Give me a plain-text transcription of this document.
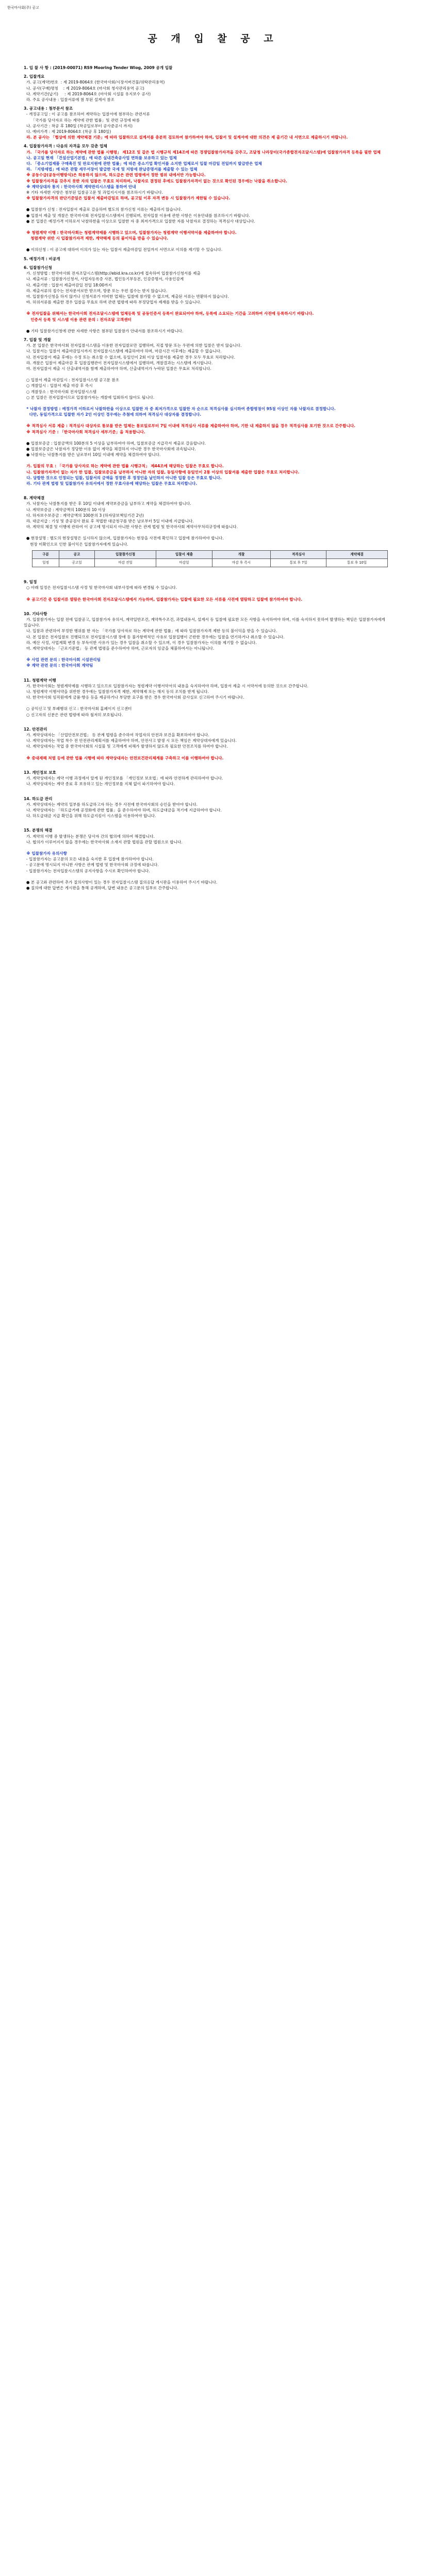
한국마사회(주) 공고
공 개 입 찰 공 고
1. 입 찰 사 항 : (2019-00071) RS9 Mooring Tender Wiog, 2009 공개 입찰
2. 입찰개요
가. 공고(계약)번호  : 제 2019-8064호 (한국마사회/시장서버건물/위탁관리용역)
나. 공사(구매)명칭    : 제 2019-8064호 (마사회 청사관리용역 공고)
다. 계약기간(납기)     : 제 2019-8064호 (마사회 시설물 유지보수 공사)
라. 주요 공사내용 : 입찰서류에 첨 부된 설계서 참조
3. 공고내용 : 첨부문서 참조
- 개정공고일 : 이 공고를 참조하여 계약하는 입찰서에 첨부하는 관련서류
「국가를 당사자로 하는 계약에 관한 법률」및 관련 규정에 따름
나. 공사기간 : 착공 후 180일 (착공일로부터 공사준공시 까지)
다. 예비가격 : 제 2019-8064호 (착공 후 180일)
라. 본 공사는 「협상에 의한 계약체결 기준」에 따라 입찰하므로 설계서를 충분히 검토하여 참가하여야 하며, 입찰서 및 설계서에 대한 의견은 제 출기간 내 서면으로 제출하시기 바랍니다.
4. 입찰참가자격 : 다음의 자격을 모두 갖춘 업체
가. 「국가를 당사자로 하는 계약에 관한 법률 시행령」 제12조 및 같은 법 시행규칙 제14조에 따른 경쟁입찰참가자격을 갖추고, 조달청 나라장터(국가종합전자조달시스템)에 입찰참가자격 등록을 필한 업체
나. 공고일 현재 「건설산업기본법」에 따른 실내건축공사업 면허를 보유하고 있는 업체
다. 「중소기업제품 구매촉진 및 판로지원에 관한 법률」에 따른 중소기업 확인서를 소지한 업체로서 입찰 마감일 전일까지 발급받은 업체
라. 「지방세법」에 따른 관할 세무서장이 발급한 국세 및 지방세 완납증명서를 제출할 수 있는 업체
※ 공동수급(공동이행방식)은 허용하지 않으며, 하도급은 관련 법령에서 정한 범위 내에서만 가능합니다.
※ 입찰참가자격을 갖추지 못한 자의 입찰은 무효로 처리하며, 낙찰자로 결정된 후에도 입찰참가자격이 없는 것으로 확인된 경우에는 낙찰을 취소합니다.
※ 계약상대자 통지 : 한국마사회 계약관리시스템을 통하여 안내
※ 기타 자세한 사항은 첨부된 입찰공고문 및 과업지시서를 참조하시기 바랍니다.
※ 입찰참가자격의 판단기준일은 입찰서 제출마감일로 하며, 공고일 이후 자격 변동 시 입찰참가가 제한될 수 있습니다.
● 입찰참가 신청 : 전자입찰서 제출로 갈음하며 별도의 참가신청 서류는 제출하지 않습니다.
● 입찰서 제출 및 개찰은 한국마사회 전자입찰시스템에서 진행되며, 전자입찰 이용에 관한 사항은 이용안내를 참조하시기 바랍니다.
● 본 입찰은 예정가격 이하로서 낙찰하한율 이상으로 입찰한 자 중 최저가격으로 입찰한 자를 낙찰자로 결정하는 적격심사 대상입니다.
※ 청렴계약 이행 : 한국마사회는 청렴계약제를 시행하고 있으며, 입찰참가자는 청렴계약 이행서약서를 제출하여야 합니다.
청렴계약 위반 시 입찰참가자격 제한, 계약해제 등의 불이익을 받을 수 있습니다.
● 이의신청 : 이 공고에 대하여 이의가 있는 자는 입찰서 제출마감일 전일까지 서면으로 이의를 제기할 수 있습니다.
5. 예정가격 : 비공개
6. 입찰참가신청
가. 신청방법 : 한국마사회 전자조달시스템(http://ebid.kra.co.kr)에 접속하여 입찰참가신청서를 제출
나. 제출서류 : 입찰참가신청서, 사업자등록증 사본, 법인등기부등본, 인감증명서, 사용인감계
다. 제출기한 : 입찰서 제출마감일 전일 18:00까지
라. 제출서류의 접수는 전자문서로만 받으며, 방문 또는 우편 접수는 받지 않습니다.
마. 입찰참가신청을 하지 않거나 신청서류가 미비한 업체는 입찰에 참가할 수 없으며, 제출된 서류는 반환하지 않습니다.
바. 허위서류를 제출한 경우 입찰을 무효로 하며 관련 법령에 따라 부정당업자 제재를 받을 수 있습니다.
※ 전자입찰을 위해서는 한국마사회 전자조달시스템에 업체등록 및 공동인증서 등록이 완료되어야 하며, 등록에 소요되는 기간을 고려하여 사전에 등록하시기 바랍니다.
인증서 등록 및 시스템 이용 관련 문의 : 전자조달 고객센터
● 기타 입찰참가신청에 관한 자세한 사항은 첨부된 입찰참가 안내서를 참조하시기 바랍니다.
7. 입찰 및 개찰
가. 본 입찰은 한국마사회 전자입찰시스템을 이용한 전자입찰로만 집행하며, 직접 방문 또는 우편에 의한 입찰은 받지 않습니다.
나. 입찰서는 입찰서 제출마감일시까지 전자입찰시스템에 제출하여야 하며, 마감시간 이후에는 제출할 수 없습니다.
다. 전자입찰서 제출 후에는 수정 또는 취소할 수 없으며, 동일인이 2회 이상 입찰서를 제출한 경우 모두 무효로 처리합니다.
라. 개찰은 입찰서 제출마감 후 입찰집행관이 전자입찰시스템에서 집행하며, 개찰결과는 시스템에 게시합니다.
마. 전자입찰서 제출 시 산출내역서를 함께 제출하여야 하며, 산출내역서가 누락된 입찰은 무효로 처리합니다.
○ 입찰서 제출 마감일시 : 전자입찰시스템 공고문 참조
○ 개찰일시 : 입찰서 제출 마감 후 즉시
○ 개찰장소 : 한국마사회 전자입찰시스템
○ 본 입찰은 전자입찰이므로 입찰참가자는 개찰에 입회하지 않아도 됩니다.
* 낙찰자 결정방법 : 예정가격 이하로서 낙찰하한율 이상으로 입찰한 자 중 최저가격으로 입찰한 자 순으로 적격심사를 실시하여 종합평점이 95점 이상인 자를 낙찰자로 결정합니다.
다만, 동일가격으로 입찰한 자가 2인 이상인 경우에는 추첨에 의하여 적격심사 대상자를 결정합니다.
※ 적격심사 서류 제출 : 적격심사 대상자로 통보를 받은 업체는 통보일로부터 7일 이내에 적격심사 서류를 제출하여야 하며, 기한 내 제출하지 않을 경우 적격심사를 포기한 것으로 간주합니다.
※ 적격심사 기준 : 「한국마사회 적격심사 세부기준」을 적용합니다.
● 입찰보증금 : 입찰금액의 100분의 5 이상을 납부하여야 하며, 입찰보증금 지급각서 제출로 갈음합니다.
● 입찰보증금은 낙찰자가 정당한 이유 없이 계약을 체결하지 아니한 경우 한국마사회에 귀속됩니다.
● 낙찰자는 낙찰통지를 받은 날로부터 10일 이내에 계약을 체결하여야 합니다.
가. 입찰의 무효 : 「국가를 당사자로 하는 계약에 관한 법률 시행규칙」 제44조에 해당하는 입찰은 무효로 합니다.
나. 입찰참가자격이 없는 자가 한 입찰, 입찰보증금을 납부하지 아니한 자의 입찰, 동일사항에 동일인이 2통 이상의 입찰서를 제출한 입찰은 무효로 처리합니다.
다. 담합한 것으로 인정되는 입찰, 입찰서의 금액을 정정한 후 정정인을 날인하지 아니한 입찰 등은 무효로 합니다.
라. 기타 관계 법령 및 입찰참가자 유의서에서 정한 무효사유에 해당하는 입찰은 무효로 처리합니다.
8. 계약체결
가. 낙찰자는 낙찰통지를 받은 후 10일 이내에 계약보증금을 납부하고 계약을 체결하여야 합니다.
나. 계약보증금 : 계약금액의 100분의 10 이상
다. 하자보수보증금 : 계약금액의 100분의 3 (하자담보책임기간 2년)
라. 대금지급 : 기성 및 준공검사 완료 후 적법한 대금청구를 받은 날로부터 5일 이내에 지급합니다.
마. 계약의 체결 및 이행에 관하여 이 공고에 명시되지 아니한 사항은 관계 법령 및 한국마사회 계약사무처리규정에 따릅니다.
● 현장설명 : 별도의 현장설명은 실시하지 않으며, 입찰참가자는 현장을 사전에 확인하고 입찰에 참가하여야 합니다.
현장 미확인으로 인한 불이익은 입찰참가자에게 있습니다.
구분	공고	입찰참가신청	입찰서 제출	개찰	적격심사	계약체결
일정	공고일	마감 전일	마감일	마감 후 즉시	통보 후 7일	통보 후 10일
9. 일정
○ 아래 일정은 전자입찰시스템 사정 및 한국마사회 내부사정에 따라 변경될 수 있습니다.
※ 공고기간 중 입찰서류 열람은 한국마사회 전자조달시스템에서 가능하며, 입찰참가자는 입찰에 필요한 모든 서류를 사전에 열람하고 입찰에 참가하여야 합니다.
10. 기타사항
가. 입찰참가자는 입찰 전에 입찰공고, 입찰참가자 유의서, 계약일반조건, 계약특수조건, 과업내용서, 설계서 등 입찰에 필요한 모든 사항을 숙지하여야 하며, 이를 숙지하지 못하여 발생하는 책임은 입찰참가자에게 있습니다.
나. 입찰과 관련하여 부정한 행위를 한 자는 「국가를 당사자로 하는 계약에 관한 법률」에 따라 입찰참가자격 제한 등의 불이익을 받을 수 있습니다.
다. 본 입찰은 전자입찰로 진행되므로 전자입찰시스템 장애 등 불가항력적인 사유로 입찰집행이 곤란한 경우에는 입찰을 연기하거나 취소할 수 있습니다.
라. 예산 사정, 사업계획 변경 등 부득이한 사유가 있는 경우 입찰을 취소할 수 있으며, 이 경우 입찰참가자는 이의를 제기할 수 없습니다.
마. 계약상대자는 「근로기준법」 등 관계 법령을 준수하여야 하며, 근로자의 임금을 체불하여서는 아니됩니다.
※ 사업 관련 문의 : 한국마사회 시설관리팀
※ 계약 관련 문의 : 한국마사회 계약팀
11. 청렴계약 이행
가. 한국마사회는 청렴계약제를 시행하고 있으므로 입찰참가자는 청렴계약 이행서약서의 내용을 숙지하여야 하며, 입찰서 제출 시 서약서에 동의한 것으로 간주합니다.
나. 청렴계약 이행서약을 위반한 경우에는 입찰참가자격 제한, 계약해제 또는 해지 등의 조치를 받게 됩니다.
다. 한국마사회 임직원에게 금품·향응 등을 제공하거나 부당한 요구를 받은 경우 한국마사회 감사실로 신고하여 주시기 바랍니다.
○ 공익신고 및 부패행위 신고 : 한국마사회 홈페이지 신고센터
○ 신고자의 신분은 관련 법령에 따라 철저히 보호됩니다.
12. 안전관리
가. 계약상대자는 「산업안전보건법」 등 관계 법령을 준수하여 작업자의 안전과 보건을 확보하여야 합니다.
나. 계약상대자는 작업 착수 전 안전관리계획서를 제출하여야 하며, 안전사고 발생 시 모든 책임은 계약상대자에게 있습니다.
다. 계약상대자는 작업 중 한국마사회의 시설물 및 고객에게 피해가 발생하지 않도록 필요한 안전조치를 하여야 합니다.
※ 중대재해 처벌 등에 관한 법률 시행에 따라 계약상대자는 안전보건관리체계를 구축하고 이를 이행하여야 합니다.
13. 개인정보 보호
가. 계약상대자는 계약 이행 과정에서 알게 된 개인정보를 「개인정보 보호법」에 따라 안전하게 관리하여야 합니다.
나. 계약상대자는 계약 종료 후 보유하고 있는 개인정보를 지체 없이 파기하여야 합니다.
14. 하도급 관리
가. 계약상대자는 계약의 일부를 하도급하고자 하는 경우 사전에 한국마사회의 승인을 받아야 합니다.
나. 계약상대자는 「하도급거래 공정화에 관한 법률」을 준수하여야 하며, 하도급대금을 적기에 지급하여야 합니다.
다. 하도급대금 지급 확인을 위해 하도급지킴이 시스템을 이용하여야 합니다.
15. 분쟁의 해결
가. 계약의 이행 중 발생하는 분쟁은 당사자 간의 협의에 의하여 해결합니다.
나. 협의가 이루어지지 않을 경우에는 한국마사회 소재지 관할 법원을 관할 법원으로 합니다.
※ 입찰참가자 유의사항
- 입찰참가자는 공고문의 모든 내용을 숙지한 후 입찰에 참가하여야 합니다.
- 공고문에 명시되지 아니한 사항은 관계 법령 및 한국마사회 규정에 따릅니다.
- 입찰참가자는 전자입찰시스템의 공지사항을 수시로 확인하여야 합니다.
● 본 공고와 관련하여 추가 질의사항이 있는 경우 전자입찰시스템 질의응답 게시판을 이용하여 주시기 바랍니다.
● 질의에 대한 답변은 게시판을 통해 공개하며, 답변 내용은 공고문의 일부로 간주합니다.
